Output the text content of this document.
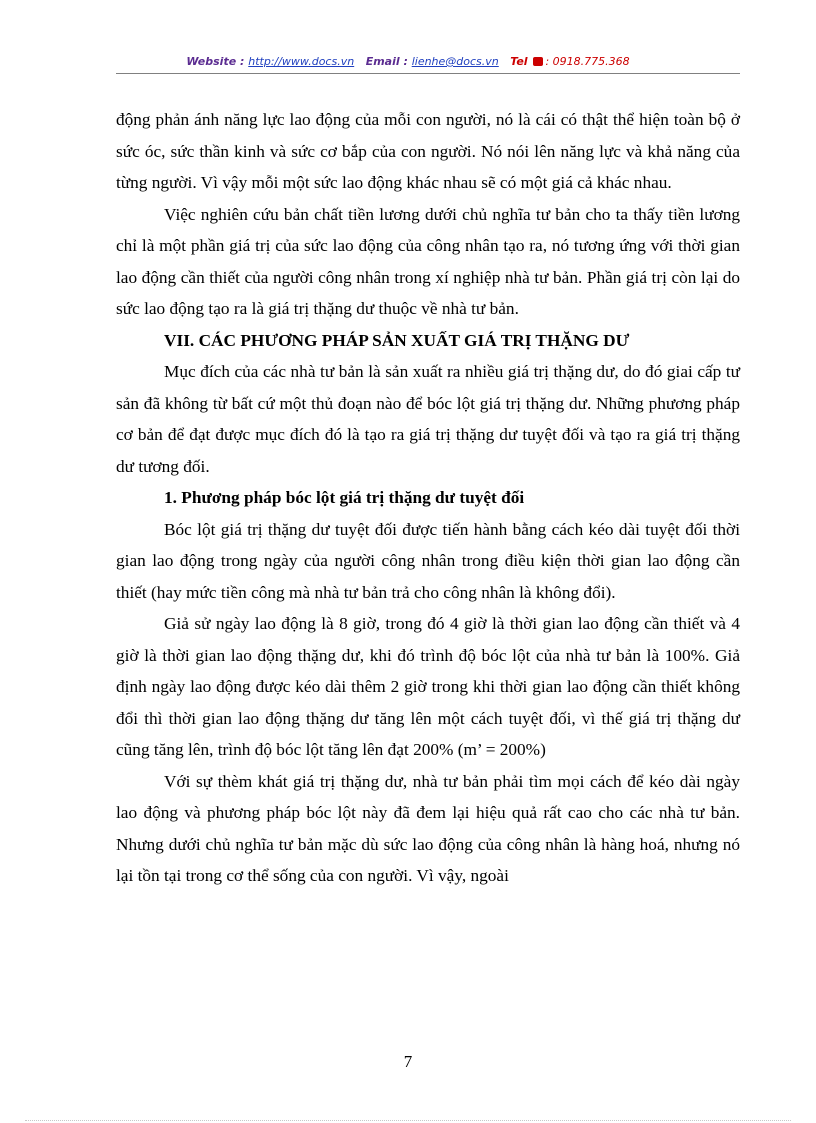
Website : http://www.docs.vn Email : lienhe@docs.vn Tel : 0918.775.368

động phản ánh năng lực lao động của mỗi con người, nó là cái có thật thể hiện toàn bộ ở sức óc, sức thần kinh và sức cơ bắp của con người. Nó nói lên năng lực và khả năng của từng người. Vì vậy mỗi một sức lao động khác nhau sẽ có một giá cả khác nhau.

Việc nghiên cứu bản chất tiền lương dưới chủ nghĩa tư bản cho ta thấy tiền lương chỉ là một phần giá trị của sức lao động của công nhân tạo ra, nó tương ứng với thời gian lao động cần thiết của người công nhân trong xí nghiệp nhà tư bản. Phần giá trị còn lại do sức lao động tạo ra là giá trị thặng dư thuộc về nhà tư bản.

VII. CÁC PHƯƠNG PHÁP SẢN XUẤT GIÁ TRỊ THẶNG DƯ

Mục đích của các nhà tư bản là sản xuất ra nhiều giá trị thặng dư, do đó giai cấp tư sản đã không từ bất cứ một thủ đoạn nào để bóc lột giá trị thặng dư. Những phương pháp cơ bản để đạt được mục đích đó là tạo ra giá trị thặng dư tuyệt đối và tạo ra giá trị thặng dư tương đối.

1. Phương pháp bóc lột giá trị thặng dư tuyệt đối

Bóc lột giá trị thặng dư tuyệt đối được tiến hành bằng cách kéo dài tuyệt đối thời gian lao động trong ngày của người công nhân trong điều kiện thời gian lao động cần thiết (hay mức tiền công mà nhà tư bản trả cho công nhân là không đổi).

Giả sử ngày lao động là 8 giờ, trong đó 4 giờ là thời gian lao động cần thiết và 4 giờ là thời gian lao động thặng dư, khi đó trình độ bóc lột của nhà tư bản là 100%. Giả định ngày lao động được kéo dài thêm 2 giờ trong khi thời gian lao động cần thiết không đổi thì thời gian lao động thặng dư tăng lên một cách tuyệt đối, vì thế giá trị thặng dư cũng tăng lên, trình độ bóc lột tăng lên đạt 200% (m’ = 200%)

Với sự thèm khát giá trị thặng dư, nhà tư bản phải tìm mọi cách để kéo dài ngày lao động và phương pháp bóc lột này đã đem lại hiệu quả rất cao cho các nhà tư bản. Nhưng dưới chủ nghĩa tư bản mặc dù sức lao động của công nhân là hàng hoá, nhưng nó lại tồn tại trong cơ thể sống của con người. Vì vậy, ngoài

7
